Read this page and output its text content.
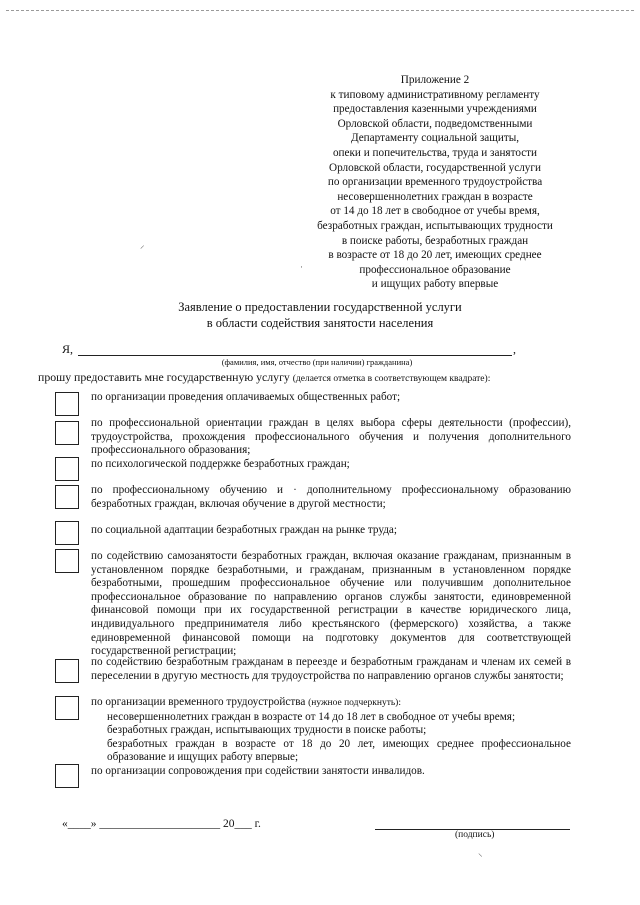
Приложение 2
к типовому административному регламенту
предоставления казенными учреждениями
Орловской области, подведомственными
Департаменту социальной защиты,
опеки и попечительства, труда и занятости
Орловской области, государственной услуги
по организации временного трудоустройства
несовершеннолетних граждан в возрасте
от 14 до 18 лет в свободное от учебы время,
безработных граждан, испытывающих трудности
в поиске работы, безработных граждан
в возрасте от 18 до 20 лет, имеющих среднее
профессиональное образование
и ищущих работу впервые
⸝
·
Заявление о предоставлении государственной услуги
в области содействия занятости населения
Я,	,
(фамилия, имя, отчество (при наличии) гражданина)
прошу предоставить мне государственную услугу (делается отметка в соответствующем квадрате):
по организации проведения оплачиваемых общественных работ;
по профессиональной ориентации граждан в целях выбора сферы деятельности (профессии), трудоустройства, прохождения профессионального обучения и получения дополнительного профессионального образования;
по психологической поддержке безработных граждан;
по профессиональному обучению и · дополнительному профессиональному образованию безработных граждан, включая обучение в другой местности;
по социальной адаптации безработных граждан на рынке труда;
по содействию самозанятости безработных граждан, включая оказание гражданам, признанным в установленном порядке безработными, и гражданам, признанным в установленном порядке безработными, прошедшим профессиональное обучение или получившим дополнительное профессиональное образование по направлению органов службы занятости, единовременной финансовой помощи при их государственной регистрации в качестве юридического лица, индивидуального предпринимателя либо крестьянского (фермерского) хозяйства, а также единовременной финансовой помощи на подготовку документов для соответствующей государственной регистрации;
по содействию безработным гражданам в переезде и безработным гражданам и членам их семей в переселении в другую местность для трудоустройства по направлению органов службы занятости;
по организации временного трудоустройства (нужное подчеркнуть):
несовершеннолетних граждан в возрасте от 14 до 18 лет в свободное от учебы время;
безработных граждан, испытывающих трудности в поиске работы;
безработных граждан в возрасте от 18 до 20 лет, имеющих среднее профессиональное образование и ищущих работу впервые;
по организации сопровождения при содействии занятости инвалидов.
«____» _____________________ 20___ г.
(подпись)
⸜
